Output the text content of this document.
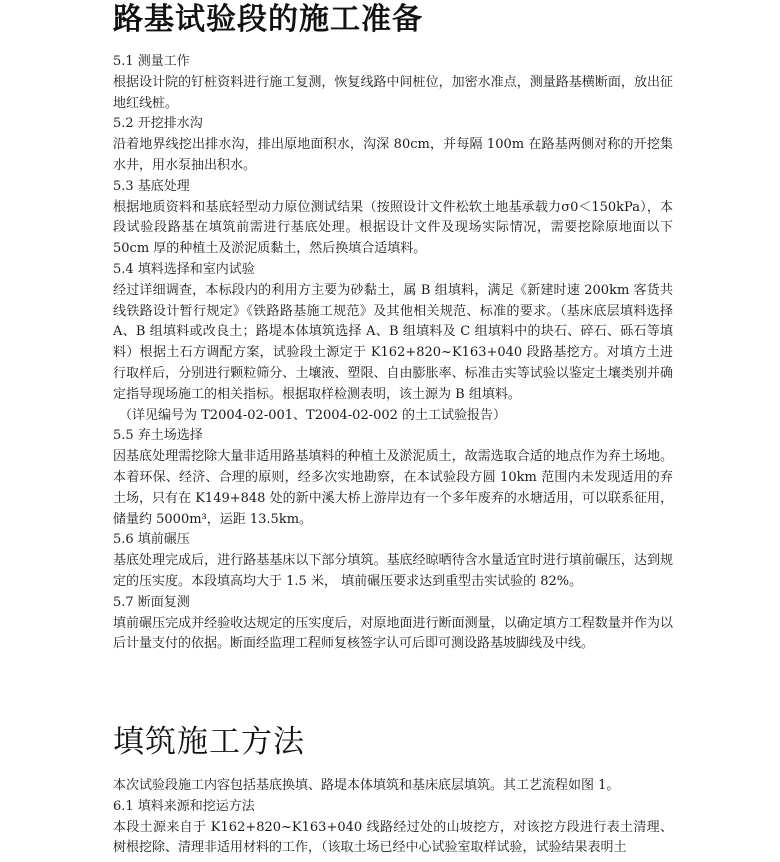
路基试验段的施工准备

5.1 测量工作

根据设计院的钉桩资料进行施工复测，恢复线路中间桩位，加密水准点，测量路基横断面，放出征地红线桩。

5.2 开挖排水沟

沿着地界线挖出排水沟，排出原地面积水，沟深 80cm，并每隔 100m 在路基两侧对称的开挖集水井，用水泵抽出积水。

5.3 基底处理

根据地质资料和基底轻型动力原位测试结果（按照设计文件松软土地基承载力σ0＜150kPa），本段试验段路基在填筑前需进行基底处理。根据设计文件及现场实际情况，需要挖除原地面以下 50cm 厚的种植土及淤泥质黏土，然后换填合适填料。

5.4 填料选择和室内试验

经过详细调查，本标段内的利用方主要为砂黏土，属 B 组填料，满足《新建时速 200km 客货共线铁路设计暂行规定》《铁路路基施工规范》及其他相关规范、标准的要求。（基床底层填料选择 A、B 组填料或改良土；路堤本体填筑选择 A、B 组填料及 C 组填料中的块石、碎石、砾石等填料）根据土石方调配方案，试验段土源定于 K162+820~K163+040 段路基挖方。对填方土进行取样后，分别进行颗粒筛分、土壤液、塑限、自由膨胀率、标准击实等试验以鉴定土壤类别并确定指导现场施工的相关指标。根据取样检测表明，该土源为 B 组填料。

（详见编号为 T2004-02-001、T2004-02-002 的土工试验报告）

5.5 弃土场选择

因基底处理需挖除大量非适用路基填料的种植土及淤泥质土，故需选取合适的地点作为弃土场地。本着环保、经济、合理的原则，经多次实地勘察，在本试验段方圆 10km 范围内未发现适用的弃土场，只有在 K149+848 处的新中溪大桥上游岸边有一个多年废弃的水塘适用，可以联系征用，储量约 5000m³，运距 13.5km。

5.6 填前碾压

基底处理完成后，进行路基基床以下部分填筑。基底经晾晒待含水量适宜时进行填前碾压，达到规定的压实度。本段填高均大于 1.5 米， 填前碾压要求达到重型击实试验的 82%。

5.7 断面复测

填前碾压完成并经验收达规定的压实度后，对原地面进行断面测量，以确定填方工程数量并作为以后计量支付的依据。断面经监理工程师复核签字认可后即可测设路基坡脚线及中线。

填筑施工方法

本次试验段施工内容包括基底换填、路堤本体填筑和基床底层填筑。其工艺流程如图 1。

6.1 填料来源和挖运方法

本段土源来自于 K162+820~K163+040 线路经过处的山坡挖方，对该挖方段进行表土清理、树根挖除、清理非适用材料的工作，（该取土场已经中心试验室取样试验，试验结果表明土
